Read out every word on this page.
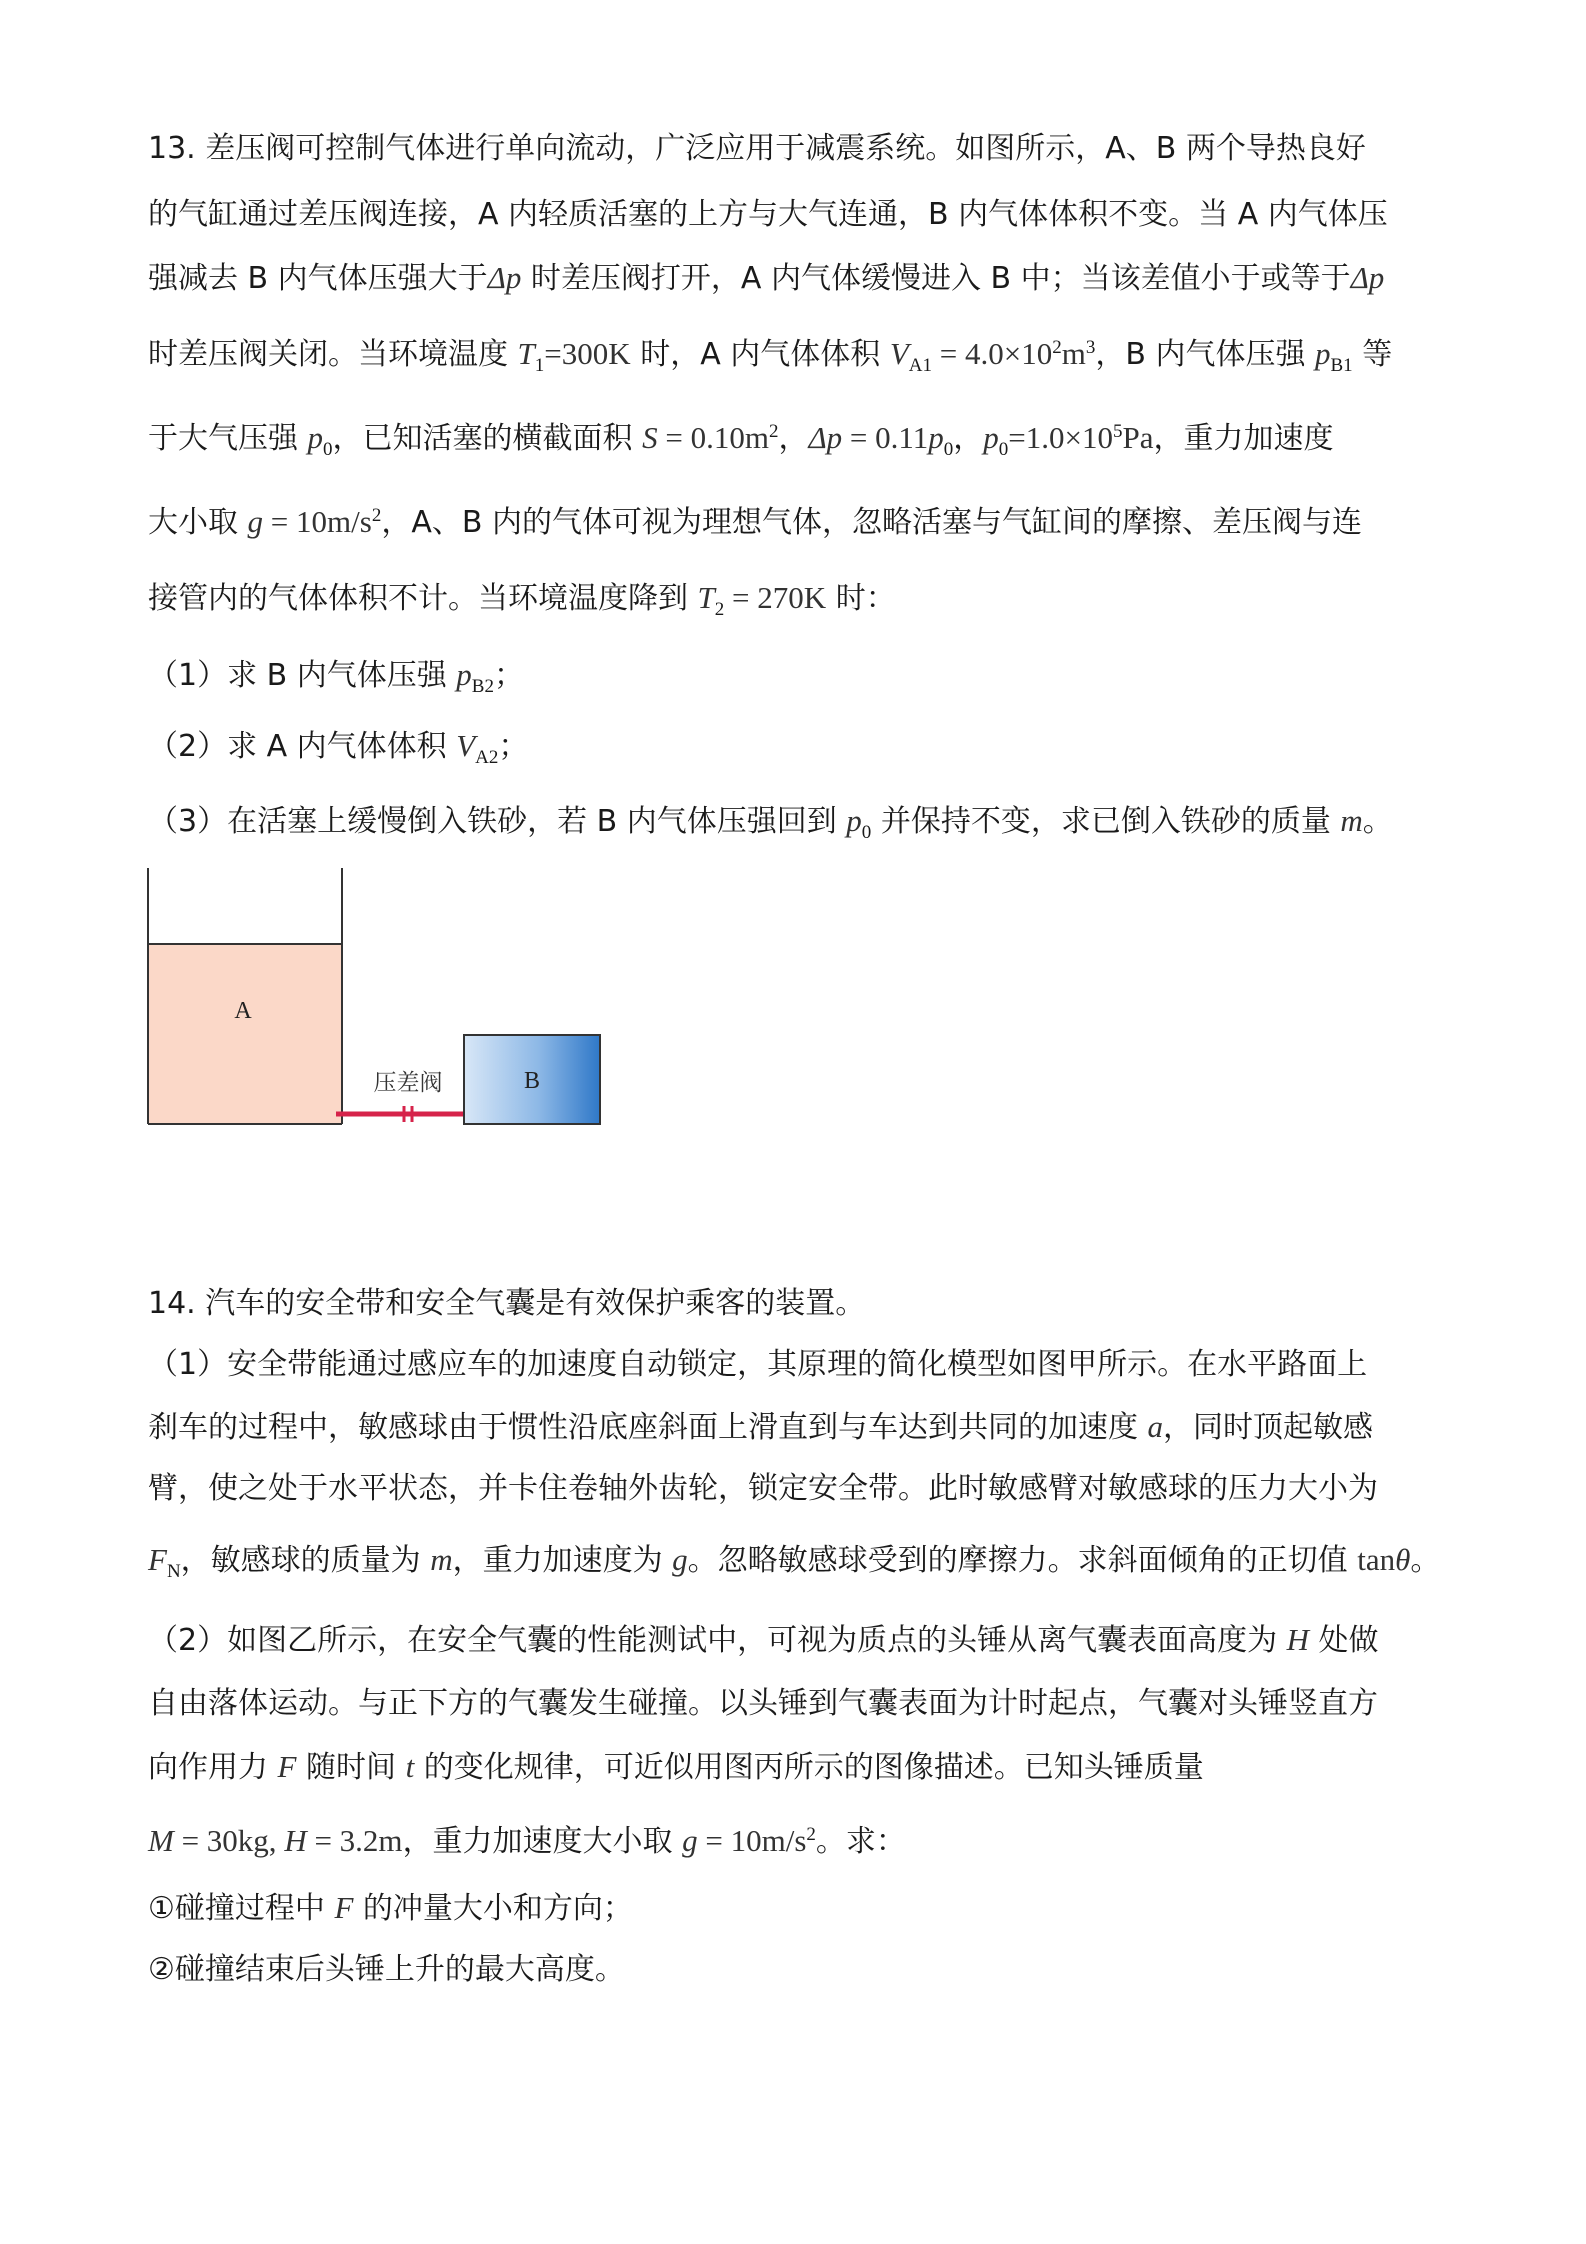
13. 差压阀可控制气体进行单向流动，广泛应用于减震系统。如图所示，A、B 两个导热良好
的气缸通过差压阀连接，A 内轻质活塞的上方与大气连通，B 内气体体积不变。当 A 内气体压
强减去 B 内气体压强大于Δp 时差压阀打开，A 内气体缓慢进入 B 中；当该差值小于或等于Δp
时差压阀关闭。当环境温度 $T_1=300K$ 时，A 内气体体积 $V_{A1} = 4.0\times 10^2m^3$，B 内气体压强 $p_{B1}$ 等
于大气压强 $p_0$，已知活塞的横截面积 $S = 0.10m^2$，$\Delta p = 0.11p_0$，$p_0=1.0\times 10^5Pa$，重力加速度
大小取 $g = 10m/s^2$，A、B 内的气体可视为理想气体，忽略活塞与气缸间的摩擦、差压阀与连
接管内的气体体积不计。当环境温度降到 $T_2 = 270K$ 时：
（1）求 B 内气体压强 $p_{B2}$；
（2）求 A 内气体体积 $V_{A2}$；
（3）在活塞上缓慢倒入铁砂，若 B 内气体压强回到 $p_0$ 并保持不变，求已倒入铁砂的质量 m。
A
压差阀	B
14. 汽车的安全带和安全气囊是有效保护乘客的装置。
（1）安全带能通过感应车的加速度自动锁定，其原理的简化模型如图甲所示。在水平路面上
刹车的过程中，敏感球由于惯性沿底座斜面上滑直到与车达到共同的加速度 a，同时顶起敏感
臂，使之处于水平状态，并卡住卷轴外齿轮，锁定安全带。此时敏感臂对敏感球的压力大小为
$F_N$，敏感球的质量为 m，重力加速度为 g。忽略敏感球受到的摩擦力。求斜面倾角的正切值 tanθ。
（2）如图乙所示，在安全气囊的性能测试中，可视为质点的头锤从离气囊表面高度为 H 处做
自由落体运动。与正下方的气囊发生碰撞。以头锤到气囊表面为计时起点，气囊对头锤竖直方
向作用力 F 随时间 t 的变化规律，可近似用图丙所示的图像描述。已知头锤质量
M = 30kg, H = 3.2m，重力加速度大小取 $g = 10m/s^2$。求：
①碰撞过程中 F 的冲量大小和方向；
②碰撞结束后头锤上升的最大高度。
